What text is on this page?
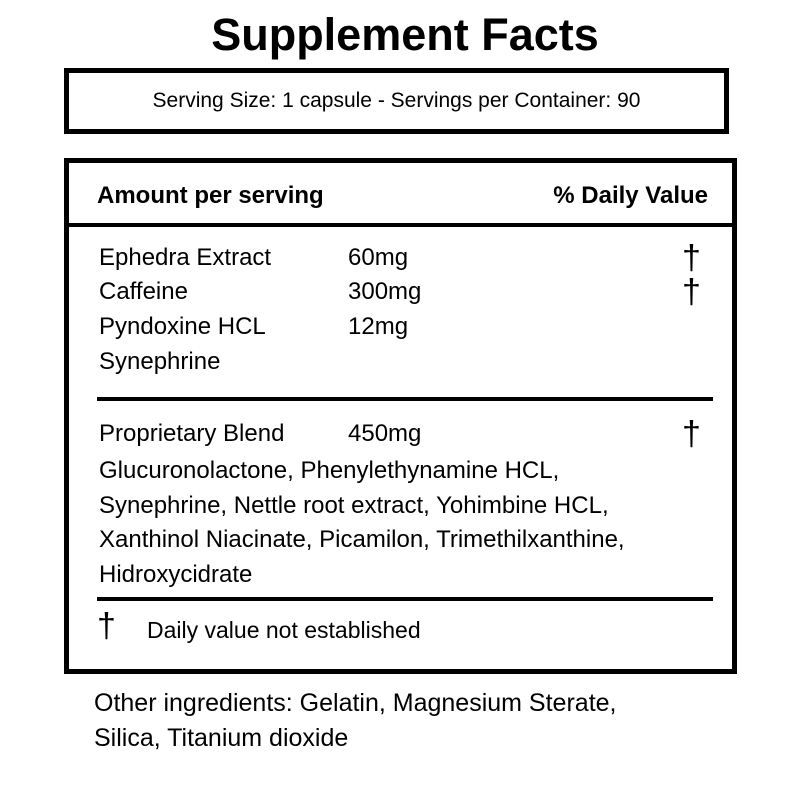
Supplement Facts
Serving Size: 1 capsule - Servings per Container: 90
Amount per serving	% Daily Value
Ephedra Extract	60mg	†
Caffeine	300mg	†
Pyndoxine HCL	12mg
Synephrine
Proprietary Blend	450mg	†
Glucuronolactone, Phenylethynamine HCL,
Synephrine, Nettle root extract, Yohimbine HCL,
Xanthinol Niacinate, Picamilon, Trimethilxanthine,
Hidroxycidrate
† Daily value not established
Other ingredients: Gelatin, Magnesium Sterate,
Silica, Titanium dioxide
